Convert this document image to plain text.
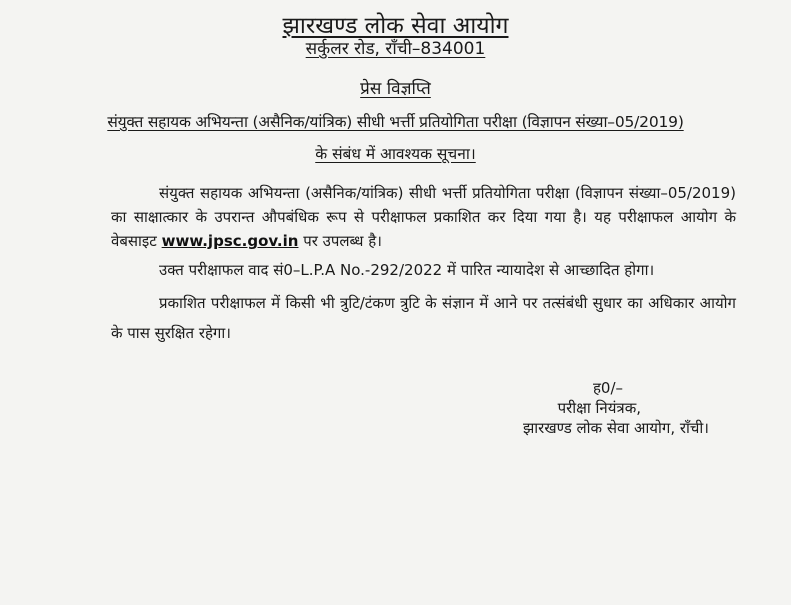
झारखण्ड लोक सेवा आयोग
सर्कुलर रोड, राँची–834001
प्रेस विज्ञप्ति
संयुक्त सहायक अभियन्ता (असैनिक/यांत्रिक) सीधी भर्त्ती प्रतियोगिता परीक्षा (विज्ञापन संख्या–05/2019)
के संबंध में आवश्यक सूचना।
संयुक्त सहायक अभियन्ता (असैनिक/यांत्रिक) सीधी भर्त्ती प्रतियोगिता परीक्षा (विज्ञापन संख्या–05/2019) का साक्षात्कार के उपरान्त औपबंधिक रूप से परीक्षाफल प्रकाशित कर दिया गया है। यह परीक्षाफल आयोग के वेबसाइट www.jpsc.gov.in पर उपलब्ध है।
उक्त परीक्षाफल वाद सं0–L.P.A No.-292/2022 में पारित न्यायादेश से आच्छादित होगा।
प्रकाशित परीक्षाफल में किसी भी त्रुटि/टंकण त्रुटि के संज्ञान में आने पर तत्संबंधी सुधार का अधिकार आयोग के पास सुरक्षित रहेगा।
ह0/–
परीक्षा नियंत्रक,
झारखण्ड लोक सेवा आयोग, राँची।
